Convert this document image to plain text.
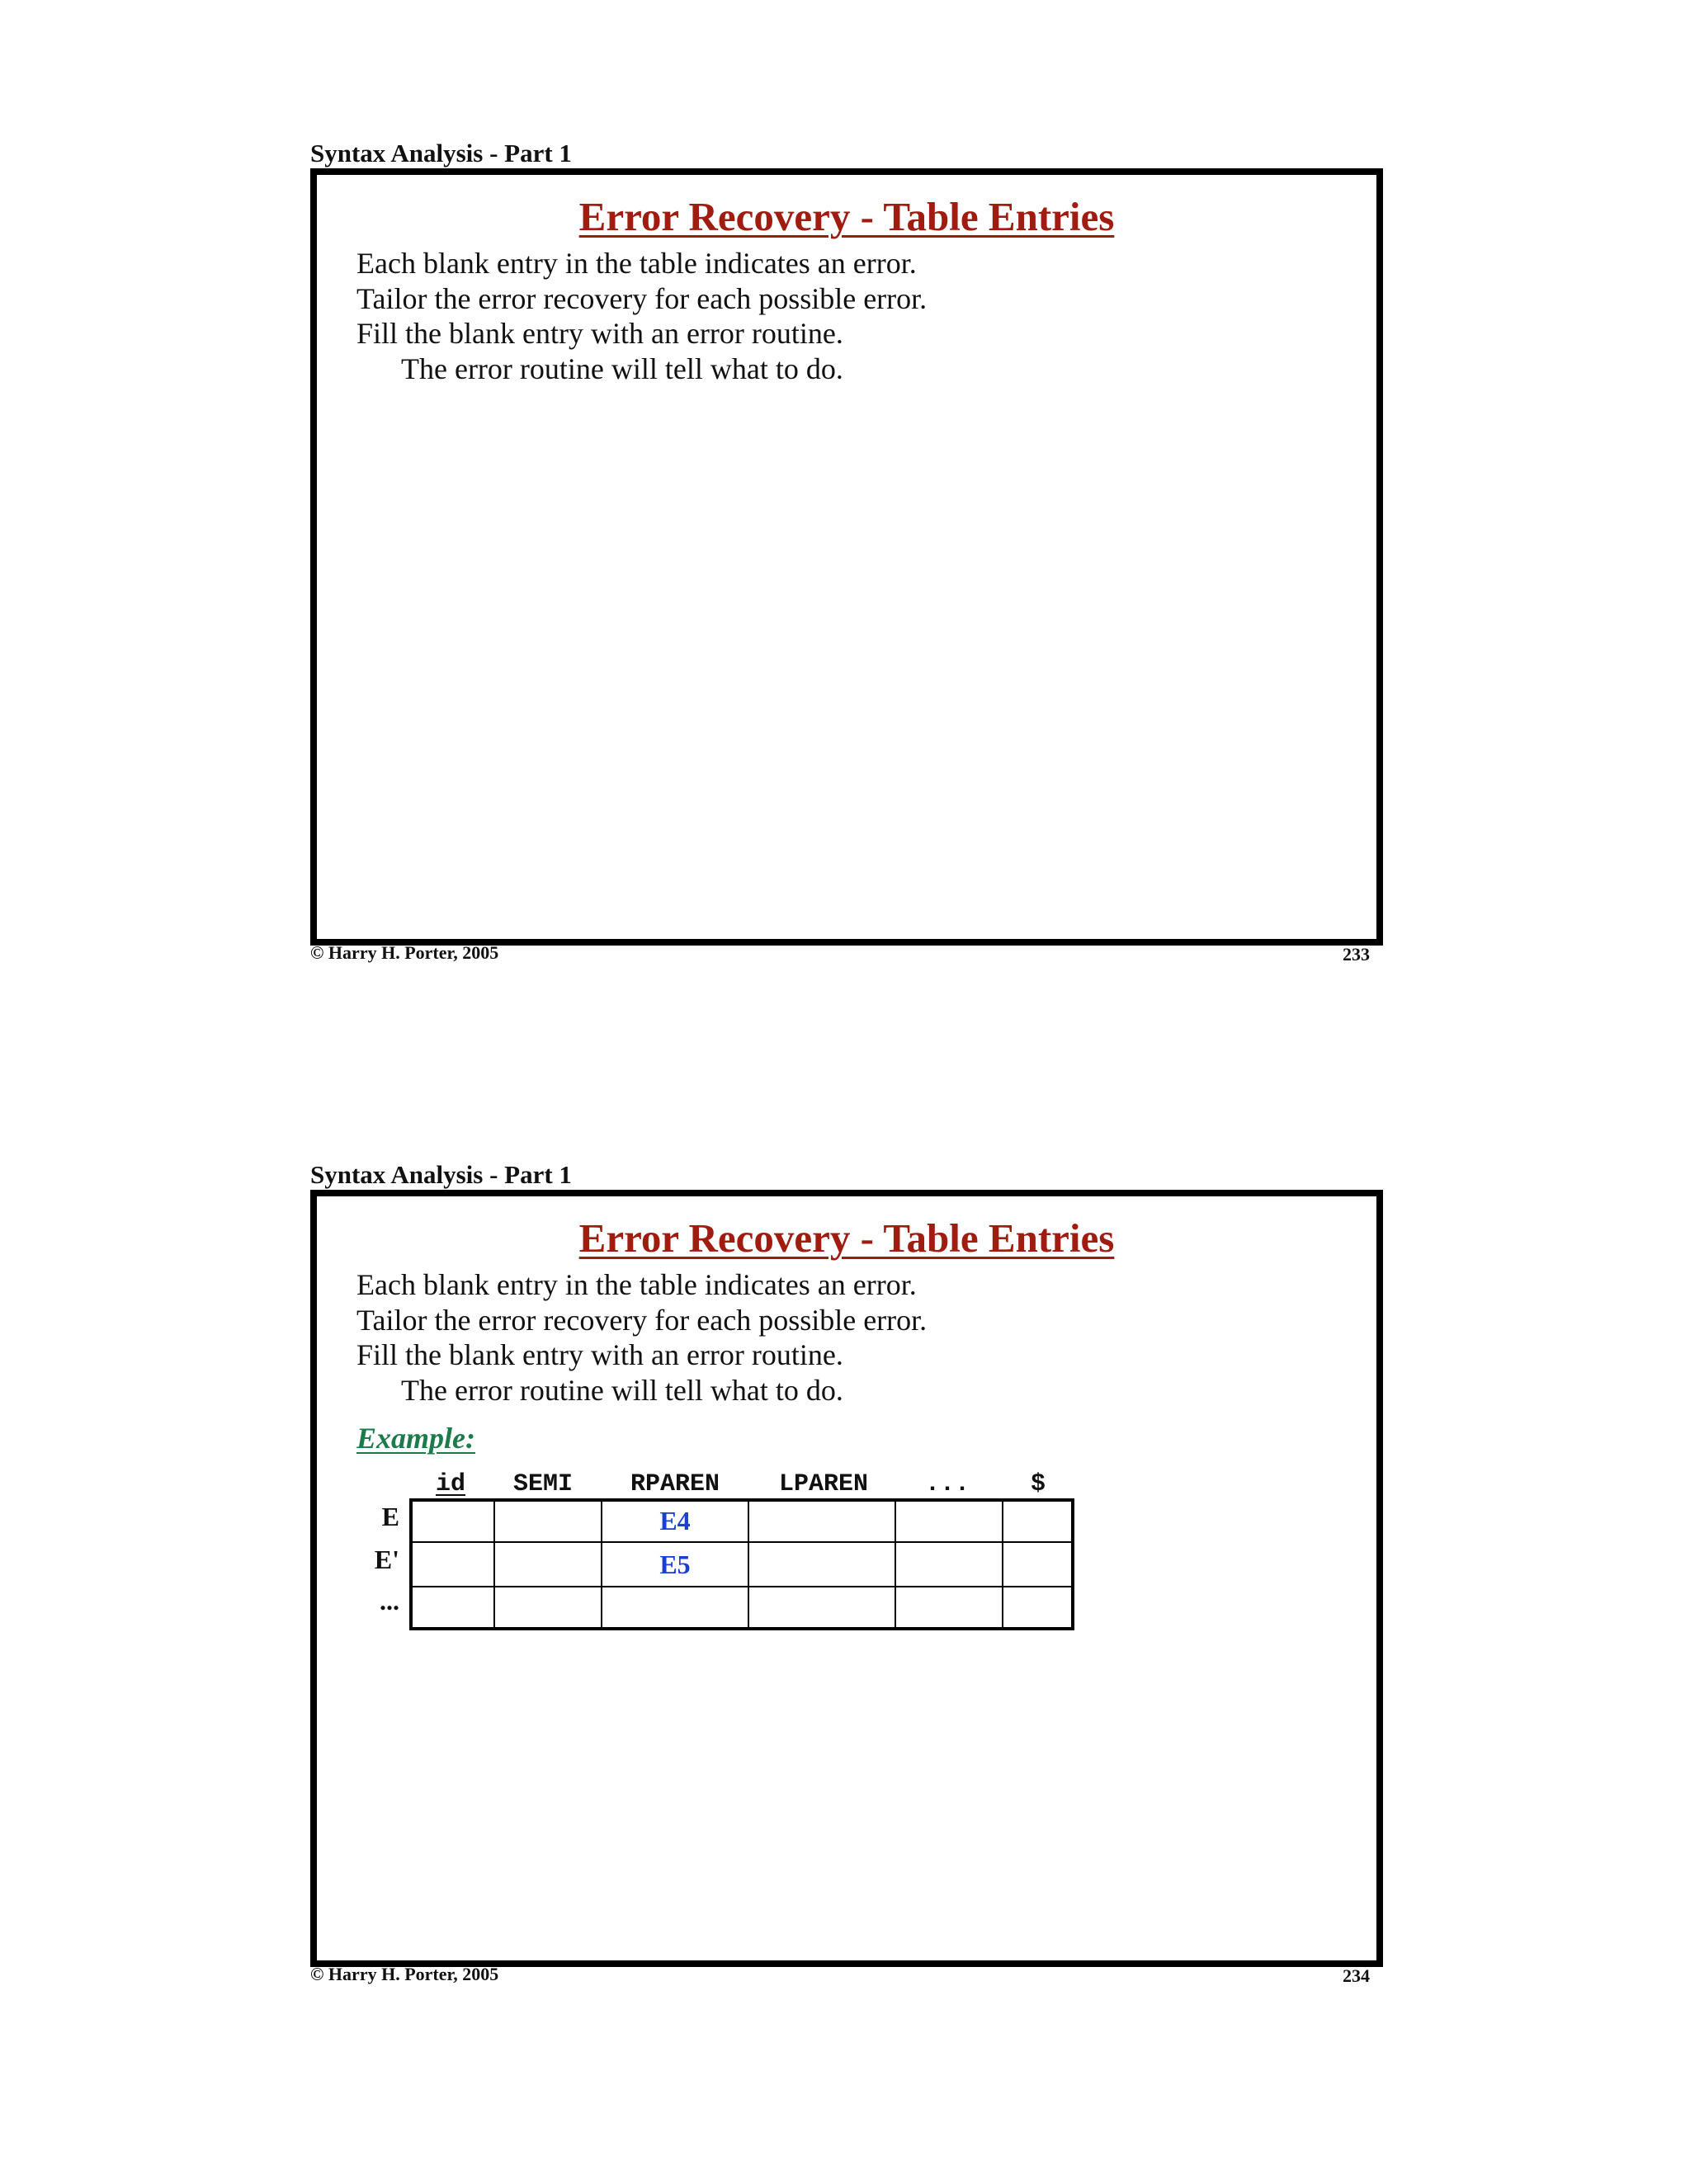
Syntax Analysis - Part 1
Error Recovery - Table Entries
Each blank entry in the table indicates an error.
Tailor the error recovery for each possible error.
Fill the blank entry with an error routine.
The error routine will tell what to do.
© Harry H. Porter, 2005	233
Syntax Analysis - Part 1
Error Recovery - Table Entries
Each blank entry in the table indicates an error.
Tailor the error recovery for each possible error.
Fill the blank entry with an error routine.
The error routine will tell what to do.
Example:
id SEMI RPAREN LPAREN ... $
E
E'
...
E4
E5
© Harry H. Porter, 2005	234
